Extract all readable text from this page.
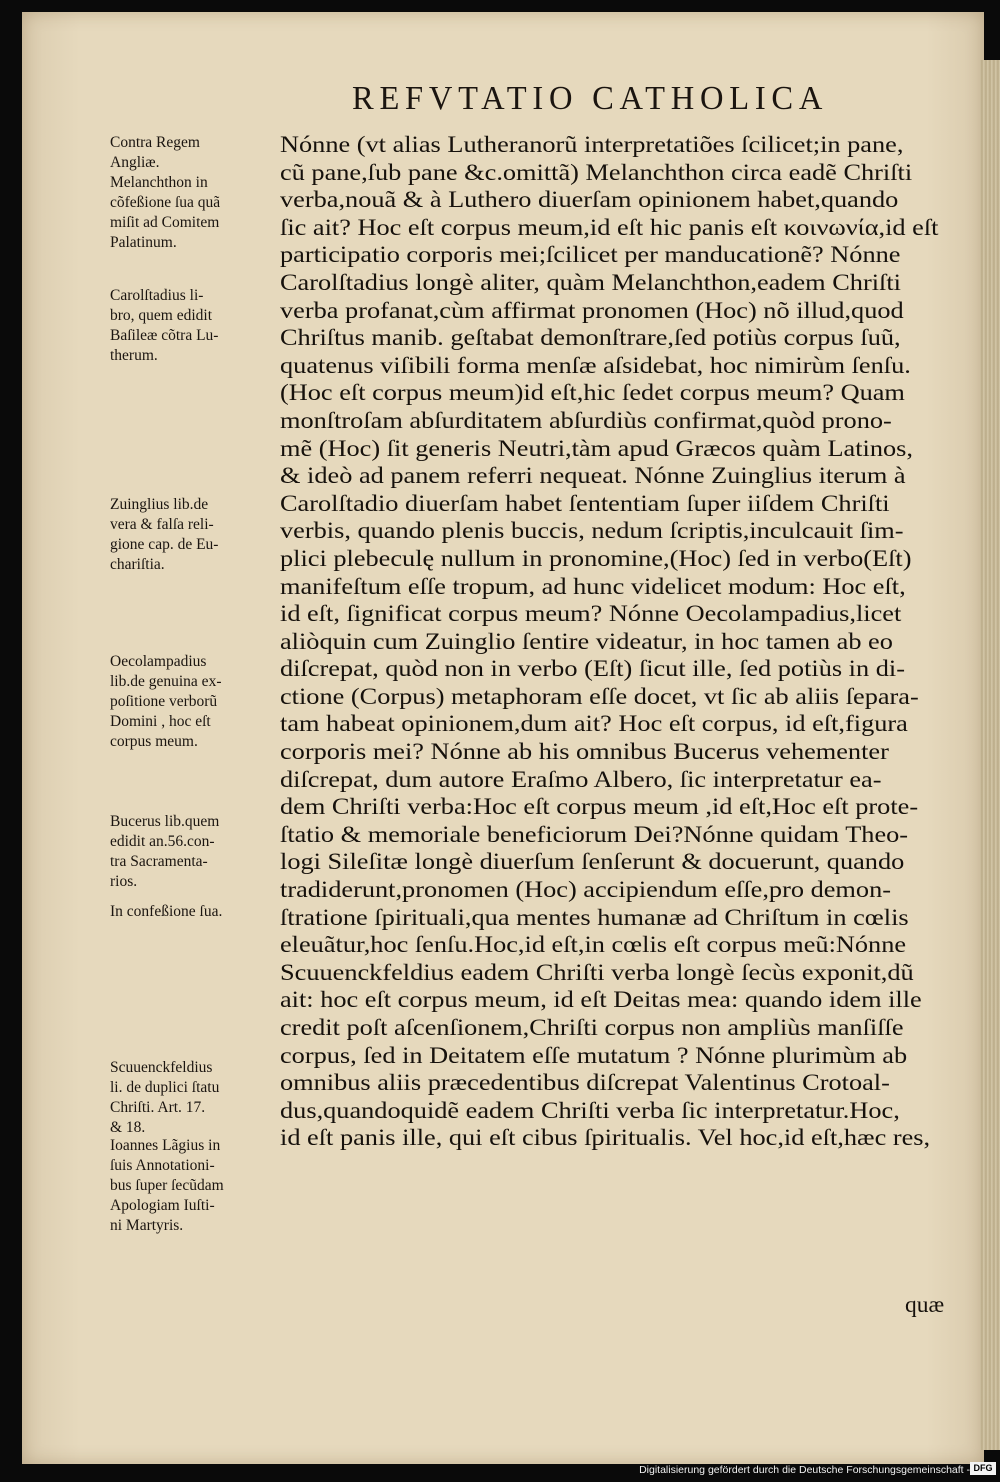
REFVTATIO CATHOLICA
Contra Regem
Angliæ.
Melanchthon in
cõfeßione ſua quã
miſit ad Comitem
Palatinum.
Carolſtadius li-
bro, quem edidit
Baſileæ cõtra Lu-
therum.
Zuinglius lib.de
vera & falſa reli-
gione cap. de Eu-
chariſtia.
Oecolampadius
lib.de genuina ex-
poſitione verborũ
Domini , hoc eſt
corpus meum.
Bucerus lib.quem
edidit an.56.con-
tra Sacramenta-
rios.
In confeßione ſua.
Scuuenckfeldius
li. de duplici ſtatu
Chriſti. Art. 17.
& 18.
Ioannes Lãgius in
ſuis Annotationi-
bus ſuper ſecũdam
Apologiam Iuſti-
ni Martyris.
Nónne (vt alias Lutheranorũ interpretatiões ſcilicet;in pane,
cũ pane,ſub pane &c.omittã) Melanchthon circa eadẽ Chriſti
verba,nouã & à Luthero diuerſam opinionem habet,quando
ſic ait? Hoc eſt corpus meum,id eſt hic panis eſt κοινωνία,id eſt
participatio corporis mei;ſcilicet per manducationẽ? Nónne
Carolſtadius longè aliter, quàm Melanchthon,eadem Chriſti
verba profanat,cùm affirmat pronomen (Hoc) nõ illud,quod
Chriſtus manib. geſtabat demonſtrare,ſed potiùs corpus ſuũ,
quatenus viſibili forma menſæ aſsidebat, hoc nimirùm ſenſu.
(Hoc eſt corpus meum)id eſt,hic ſedet corpus meum? Quam
monſtroſam abſurditatem abſurdiùs confirmat,quòd prono-
mẽ (Hoc) ſit generis Neutri,tàm apud Græcos quàm Latinos,
& ideò ad panem referri nequeat. Nónne Zuinglius iterum à
Carolſtadio diuerſam habet ſententiam ſuper iiſdem Chriſti
verbis, quando plenis buccis, nedum ſcriptis,inculcauit ſim-
plici plebeculę nullum in pronomine,(Hoc) ſed in verbo(Eſt)
manifeſtum eſſe tropum, ad hunc videlicet modum: Hoc eſt,
id eſt, ſignificat corpus meum? Nónne Oecolampadius,licet
aliòquin cum Zuinglio ſentire videatur, in hoc tamen ab eo
diſcrepat, quòd non in verbo (Eſt) ſicut ille, ſed potiùs in di-
ctione (Corpus) metaphoram eſſe docet, vt ſic ab aliis ſepara-
tam habeat opinionem,dum ait? Hoc eſt corpus, id eſt,figura
corporis mei? Nónne ab his omnibus Bucerus vehementer
diſcrepat, dum autore Eraſmo Albero, ſic interpretatur ea-
dem Chriſti verba:Hoc eſt corpus meum ,id eſt,Hoc eſt prote-
ſtatio & memoriale beneficiorum Dei?Nónne quidam Theo-
logi Sileſitæ longè diuerſum ſenſerunt & docuerunt, quando
tradiderunt,pronomen (Hoc) accipiendum eſſe,pro demon-
ſtratione ſpirituali,qua mentes humanæ ad Chriſtum in cœlis
eleuãtur,hoc ſenſu.Hoc,id eſt,in cœlis eſt corpus meũ:Nónne
Scuuenckfeldius eadem Chriſti verba longè ſecùs exponit,dũ
ait: hoc eſt corpus meum, id eſt Deitas mea: quando idem ille
credit poſt aſcenſionem,Chriſti corpus non ampliùs manſiſſe
corpus, ſed in Deitatem eſſe mutatum ? Nónne plurimùm ab
omnibus aliis præcedentibus diſcrepat Valentinus Crotoal-
dus,quandoquidẽ eadem Chriſti verba ſic interpretatur.Hoc,
id eſt panis ille, qui eſt cibus ſpiritualis. Vel hoc,id eſt,hæc res,
quæ
Digitalisierung gefördert durch die Deutsche Forschungsgemeinschaft - DFG
